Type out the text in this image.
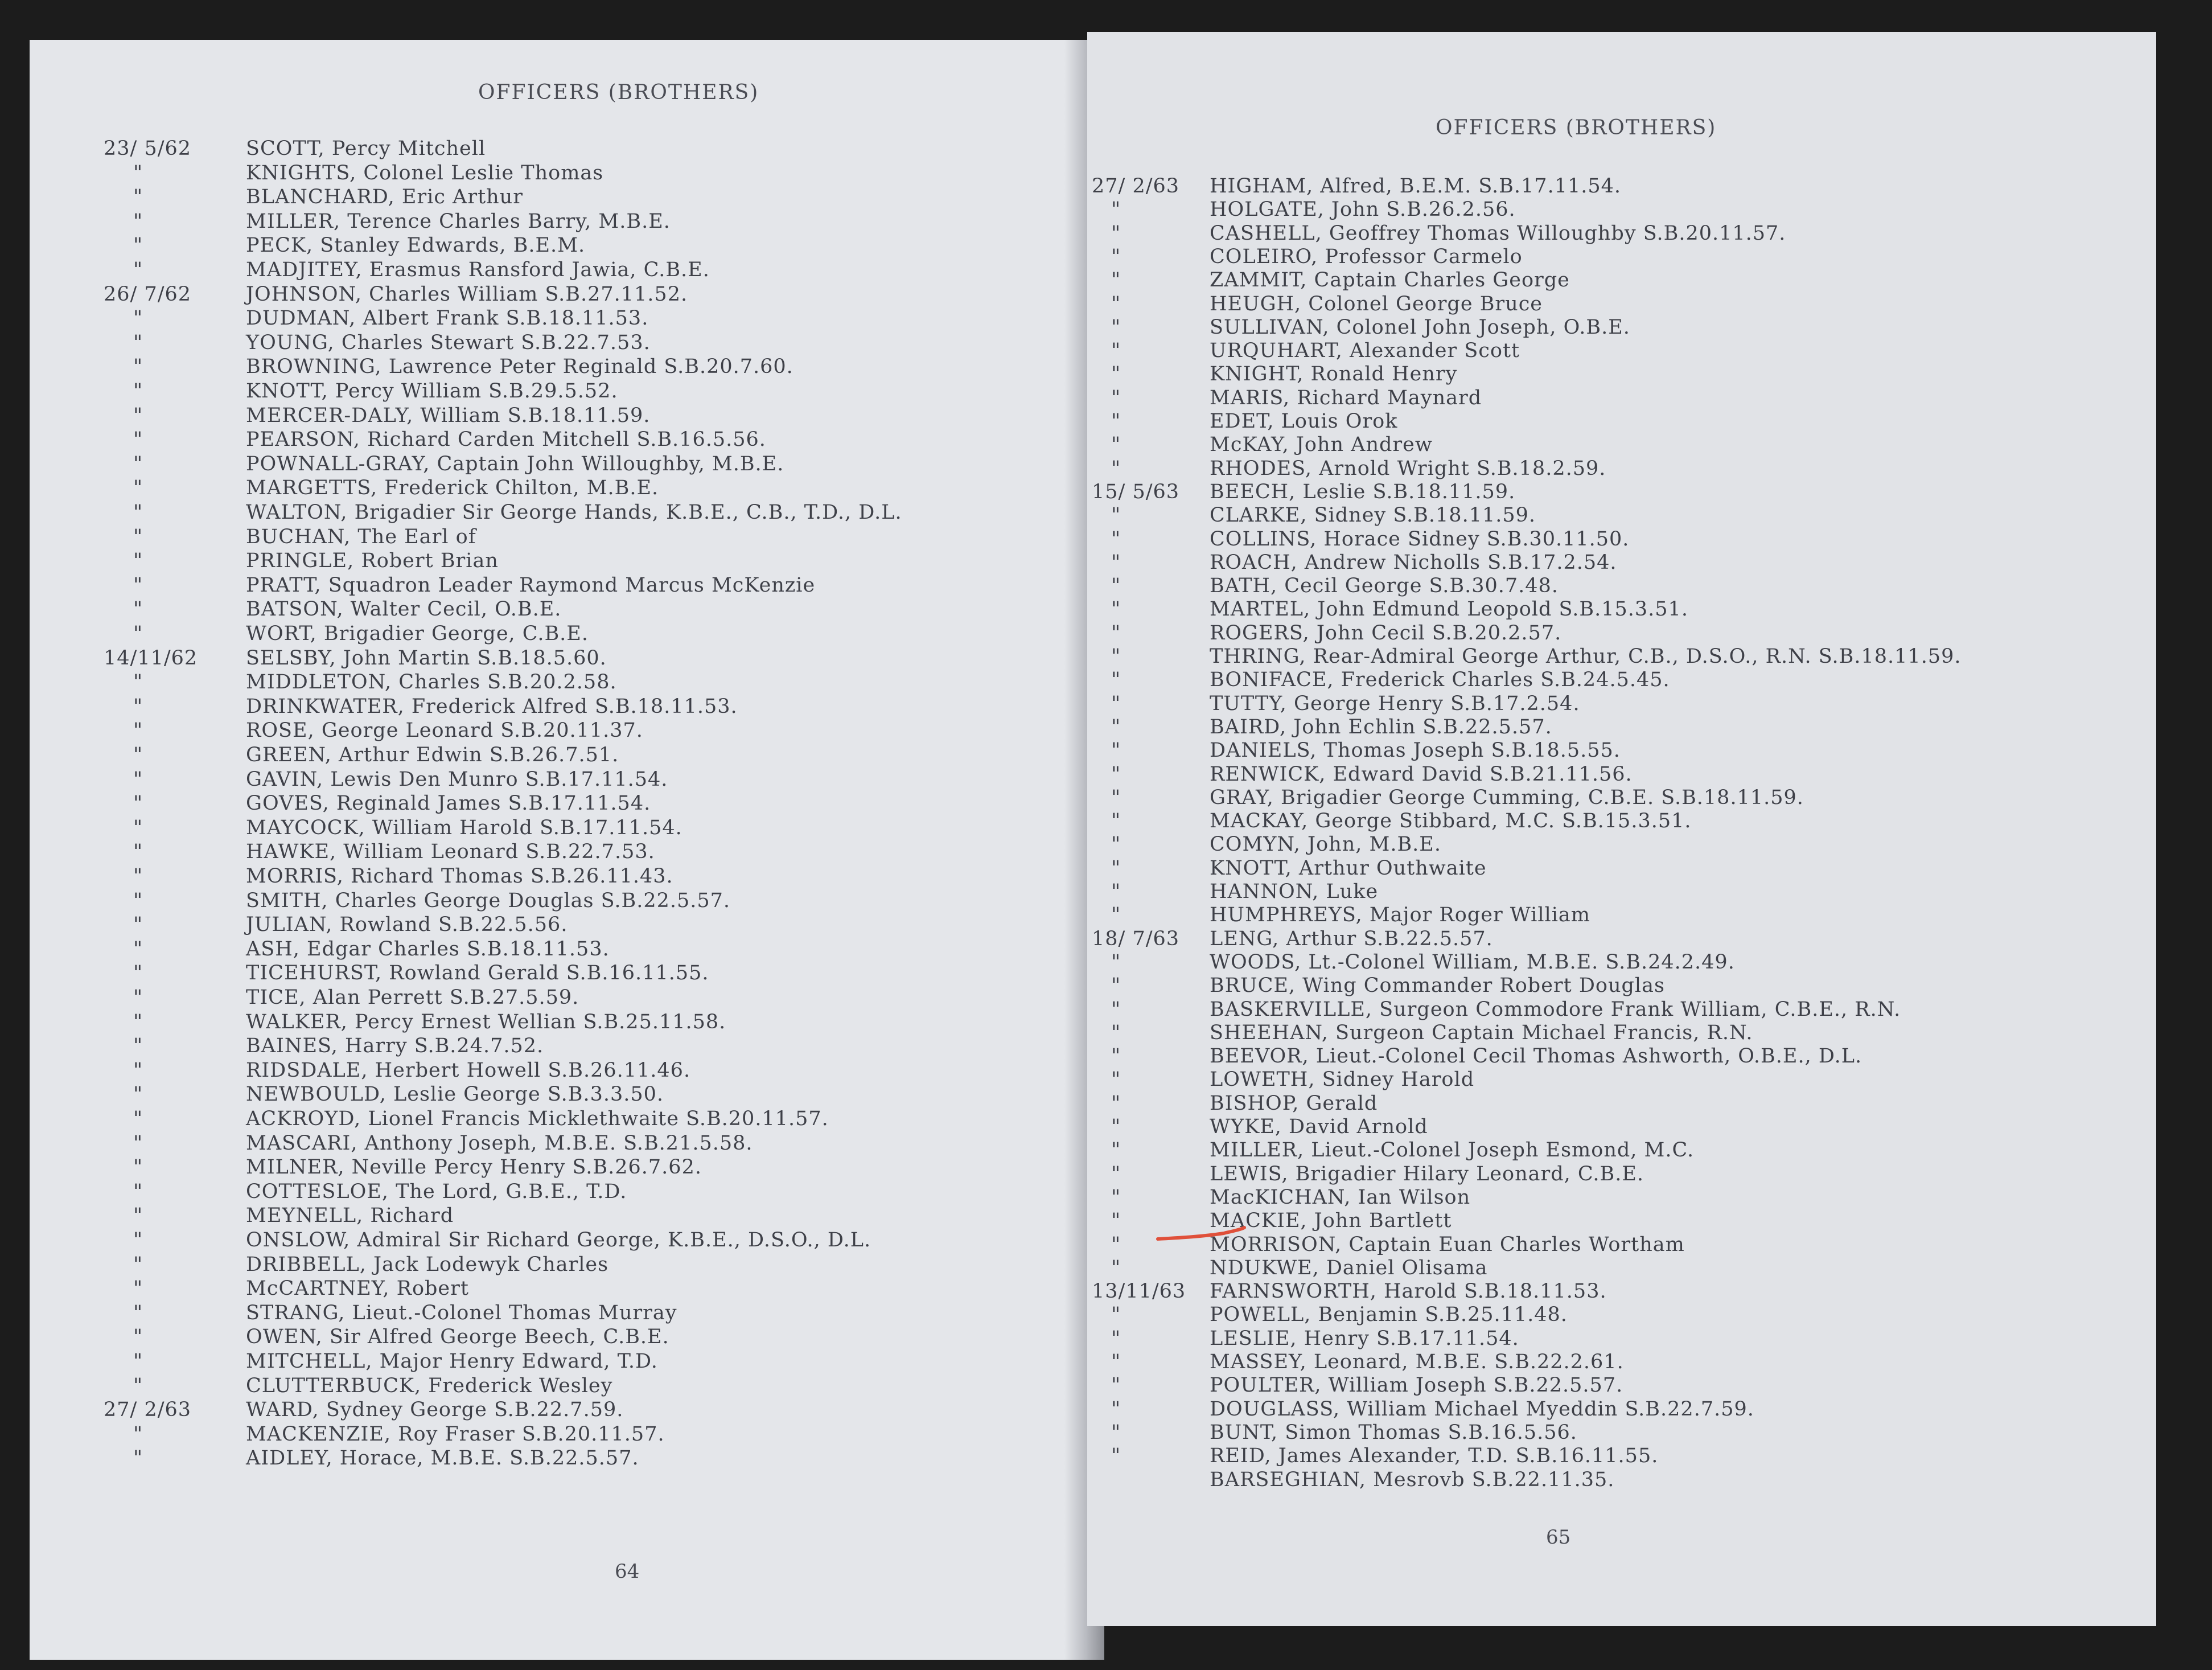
OFFICERS (BROTHERS)
23/ 5/62	SCOTT, Percy Mitchell
"	KNIGHTS, Colonel Leslie Thomas
"	BLANCHARD, Eric Arthur
"	MILLER, Terence Charles Barry, M.B.E.
"	PECK, Stanley Edwards, B.E.M.
"	MADJITEY, Erasmus Ransford Jawia, C.B.E.
26/ 7/62	JOHNSON, Charles William S.B.27.11.52.
"	DUDMAN, Albert Frank S.B.18.11.53.
"	YOUNG, Charles Stewart S.B.22.7.53.
"	BROWNING, Lawrence Peter Reginald S.B.20.7.60.
"	KNOTT, Percy William S.B.29.5.52.
"	MERCER-DALY, William S.B.18.11.59.
"	PEARSON, Richard Carden Mitchell S.B.16.5.56.
"	POWNALL-GRAY, Captain John Willoughby, M.B.E.
"	MARGETTS, Frederick Chilton, M.B.E.
"	WALTON, Brigadier Sir George Hands, K.B.E., C.B., T.D., D.L.
"	BUCHAN, The Earl of
"	PRINGLE, Robert Brian
"	PRATT, Squadron Leader Raymond Marcus McKenzie
"	BATSON, Walter Cecil, O.B.E.
"	WORT, Brigadier George, C.B.E.
14/11/62 SELSBY, John Martin S.B.18.5.60.
"	MIDDLETON, Charles S.B.20.2.58.
"	DRINKWATER, Frederick Alfred S.B.18.11.53.
"	ROSE, George Leonard S.B.20.11.37.
"	GREEN, Arthur Edwin S.B.26.7.51.
"	GAVIN, Lewis Den Munro S.B.17.11.54.
"	GOVES, Reginald James S.B.17.11.54.
"	MAYCOCK, William Harold S.B.17.11.54.
"	HAWKE, William Leonard S.B.22.7.53.
"	MORRIS, Richard Thomas S.B.26.11.43.
"	SMITH, Charles George Douglas S.B.22.5.57.
"	JULIAN, Rowland S.B.22.5.56.
"	ASH, Edgar Charles S.B.18.11.53.
"	TICEHURST, Rowland Gerald S.B.16.11.55.
"	TICE, Alan Perrett S.B.27.5.59.
"	WALKER, Percy Ernest Wellian S.B.25.11.58.
"	BAINES, Harry S.B.24.7.52.
"	RIDSDALE, Herbert Howell S.B.26.11.46.
"	NEWBOULD, Leslie George S.B.3.3.50.
"	ACKROYD, Lionel Francis Micklethwaite S.B.20.11.57.
"	MASCARI, Anthony Joseph, M.B.E. S.B.21.5.58.
"	MILNER, Neville Percy Henry S.B.26.7.62.
"	COTTESLOE, The Lord, G.B.E., T.D.
"	MEYNELL, Richard
"	ONSLOW, Admiral Sir Richard George, K.B.E., D.S.O., D.L.
"	DRIBBELL, Jack Lodewyk Charles
"	McCARTNEY, Robert
"	STRANG, Lieut.-Colonel Thomas Murray
"	OWEN, Sir Alfred George Beech, C.B.E.
"	MITCHELL, Major Henry Edward, T.D.
"	CLUTTERBUCK, Frederick Wesley
27/ 2/63	WARD, Sydney George S.B.22.7.59.
"	MACKENZIE, Roy Fraser S.B.20.11.57.
"	AIDLEY, Horace, M.B.E. S.B.22.5.57.
64
OFFICERS (BROTHERS)
27/ 2/63 HIGHAM, Alfred, B.E.M. S.B.17.11.54.
"	HOLGATE, John S.B.26.2.56.
"	CASHELL, Geoffrey Thomas Willoughby S.B.20.11.57.
"	COLEIRO, Professor Carmelo
"	ZAMMIT, Captain Charles George
"	HEUGH, Colonel George Bruce
"	SULLIVAN, Colonel John Joseph, O.B.E.
"	URQUHART, Alexander Scott
"	KNIGHT, Ronald Henry
"	MARIS, Richard Maynard
"	EDET, Louis Orok
"	McKAY, John Andrew
"	RHODES, Arnold Wright S.B.18.2.59.
15/ 5/63 BEECH, Leslie S.B.18.11.59.
"	CLARKE, Sidney S.B.18.11.59.
"	COLLINS, Horace Sidney S.B.30.11.50.
"	ROACH, Andrew Nicholls S.B.17.2.54.
"	BATH, Cecil George S.B.30.7.48.
"	MARTEL, John Edmund Leopold S.B.15.3.51.
"	ROGERS, John Cecil S.B.20.2.57.
"	THRING, Rear-Admiral George Arthur, C.B., D.S.O., R.N. S.B.18.11.59.
"	BONIFACE, Frederick Charles S.B.24.5.45.
"	TUTTY, George Henry S.B.17.2.54.
"	BAIRD, John Echlin S.B.22.5.57.
"	DANIELS, Thomas Joseph S.B.18.5.55.
"	RENWICK, Edward David S.B.21.11.56.
"	GRAY, Brigadier George Cumming, C.B.E. S.B.18.11.59.
"	MACKAY, George Stibbard, M.C. S.B.15.3.51.
"	COMYN, John, M.B.E.
"	KNOTT, Arthur Outhwaite
"	HANNON, Luke
"	HUMPHREYS, Major Roger William
18/ 7/63 LENG, Arthur S.B.22.5.57.
"	WOODS, Lt.-Colonel William, M.B.E. S.B.24.2.49.
"	BRUCE, Wing Commander Robert Douglas
"	BASKERVILLE, Surgeon Commodore Frank William, C.B.E., R.N.
"	SHEEHAN, Surgeon Captain Michael Francis, R.N.
"	BEEVOR, Lieut.-Colonel Cecil Thomas Ashworth, O.B.E., D.L.
"	LOWETH, Sidney Harold
"	BISHOP, Gerald
"	WYKE, David Arnold
"	MILLER, Lieut.-Colonel Joseph Esmond, M.C.
"	LEWIS, Brigadier Hilary Leonard, C.B.E.
"	MacKICHAN, Ian Wilson
"	MACKIE, John Bartlett
"	MORRISON, Captain Euan Charles Wortham
"	NDUKWE, Daniel Olisama
13/11/63 FARNSWORTH, Harold S.B.18.11.53.
"	POWELL, Benjamin S.B.25.11.48.
"	LESLIE, Henry S.B.17.11.54.
"	MASSEY, Leonard, M.B.E. S.B.22.2.61.
"	POULTER, William Joseph S.B.22.5.57.
"	DOUGLASS, William Michael Myeddin S.B.22.7.59.
"	BUNT, Simon Thomas S.B.16.5.56.
"	REID, James Alexander, T.D. S.B.16.11.55.
BARSEGHIAN, Mesrovb S.B.22.11.35.
65
